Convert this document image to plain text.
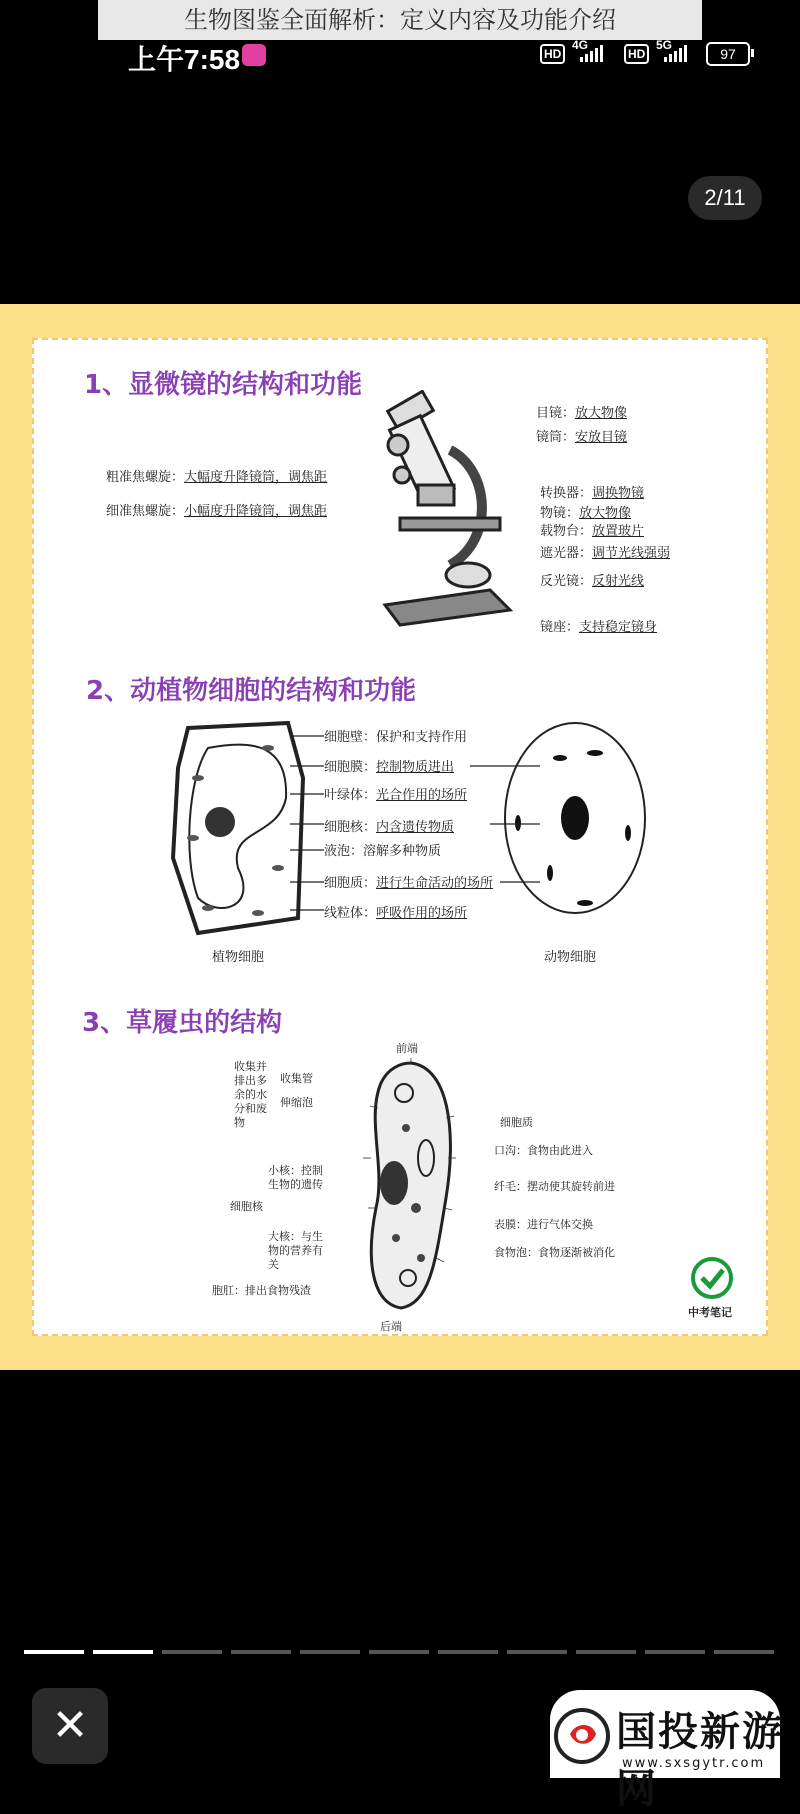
生物图鉴全面解析：定义内容及功能介绍
上午7:58	HD
4G
HD
5G
97
2/11
1、显微镜的结构和功能
粗准焦螺旋：大幅度升降镜筒，调焦距
细准焦螺旋：小幅度升降镜筒，调焦距
目镜：放大物像
镜筒：安放目镜
转换器：调换物镜
物镜：放大物像
载物台：放置玻片
遮光器：调节光线强弱
反光镜：反射光线
镜座：支持稳定镜身
2、动植物细胞的结构和功能
细胞壁：保护和支持作用
细胞膜：控制物质进出
叶绿体：光合作用的场所
细胞核：内含遗传物质
液泡：溶解多种物质
细胞质：进行生命活动的场所
线粒体：呼吸作用的场所
植物细胞	动物细胞
3、草履虫的结构
前端
后端
收集并排出多余的水分和废物
收集管
伸缩泡
细胞核
小核：控制生物的遗传
大核：与生物的营养有关
胞肛：排出食物残渣
细胞质
口沟：食物由此进入
纤毛：摆动使其旋转前进
表膜：进行气体交换
食物泡：食物逐渐被消化
中考笔记
✕	国投新游网
www.sxsgytr.com
